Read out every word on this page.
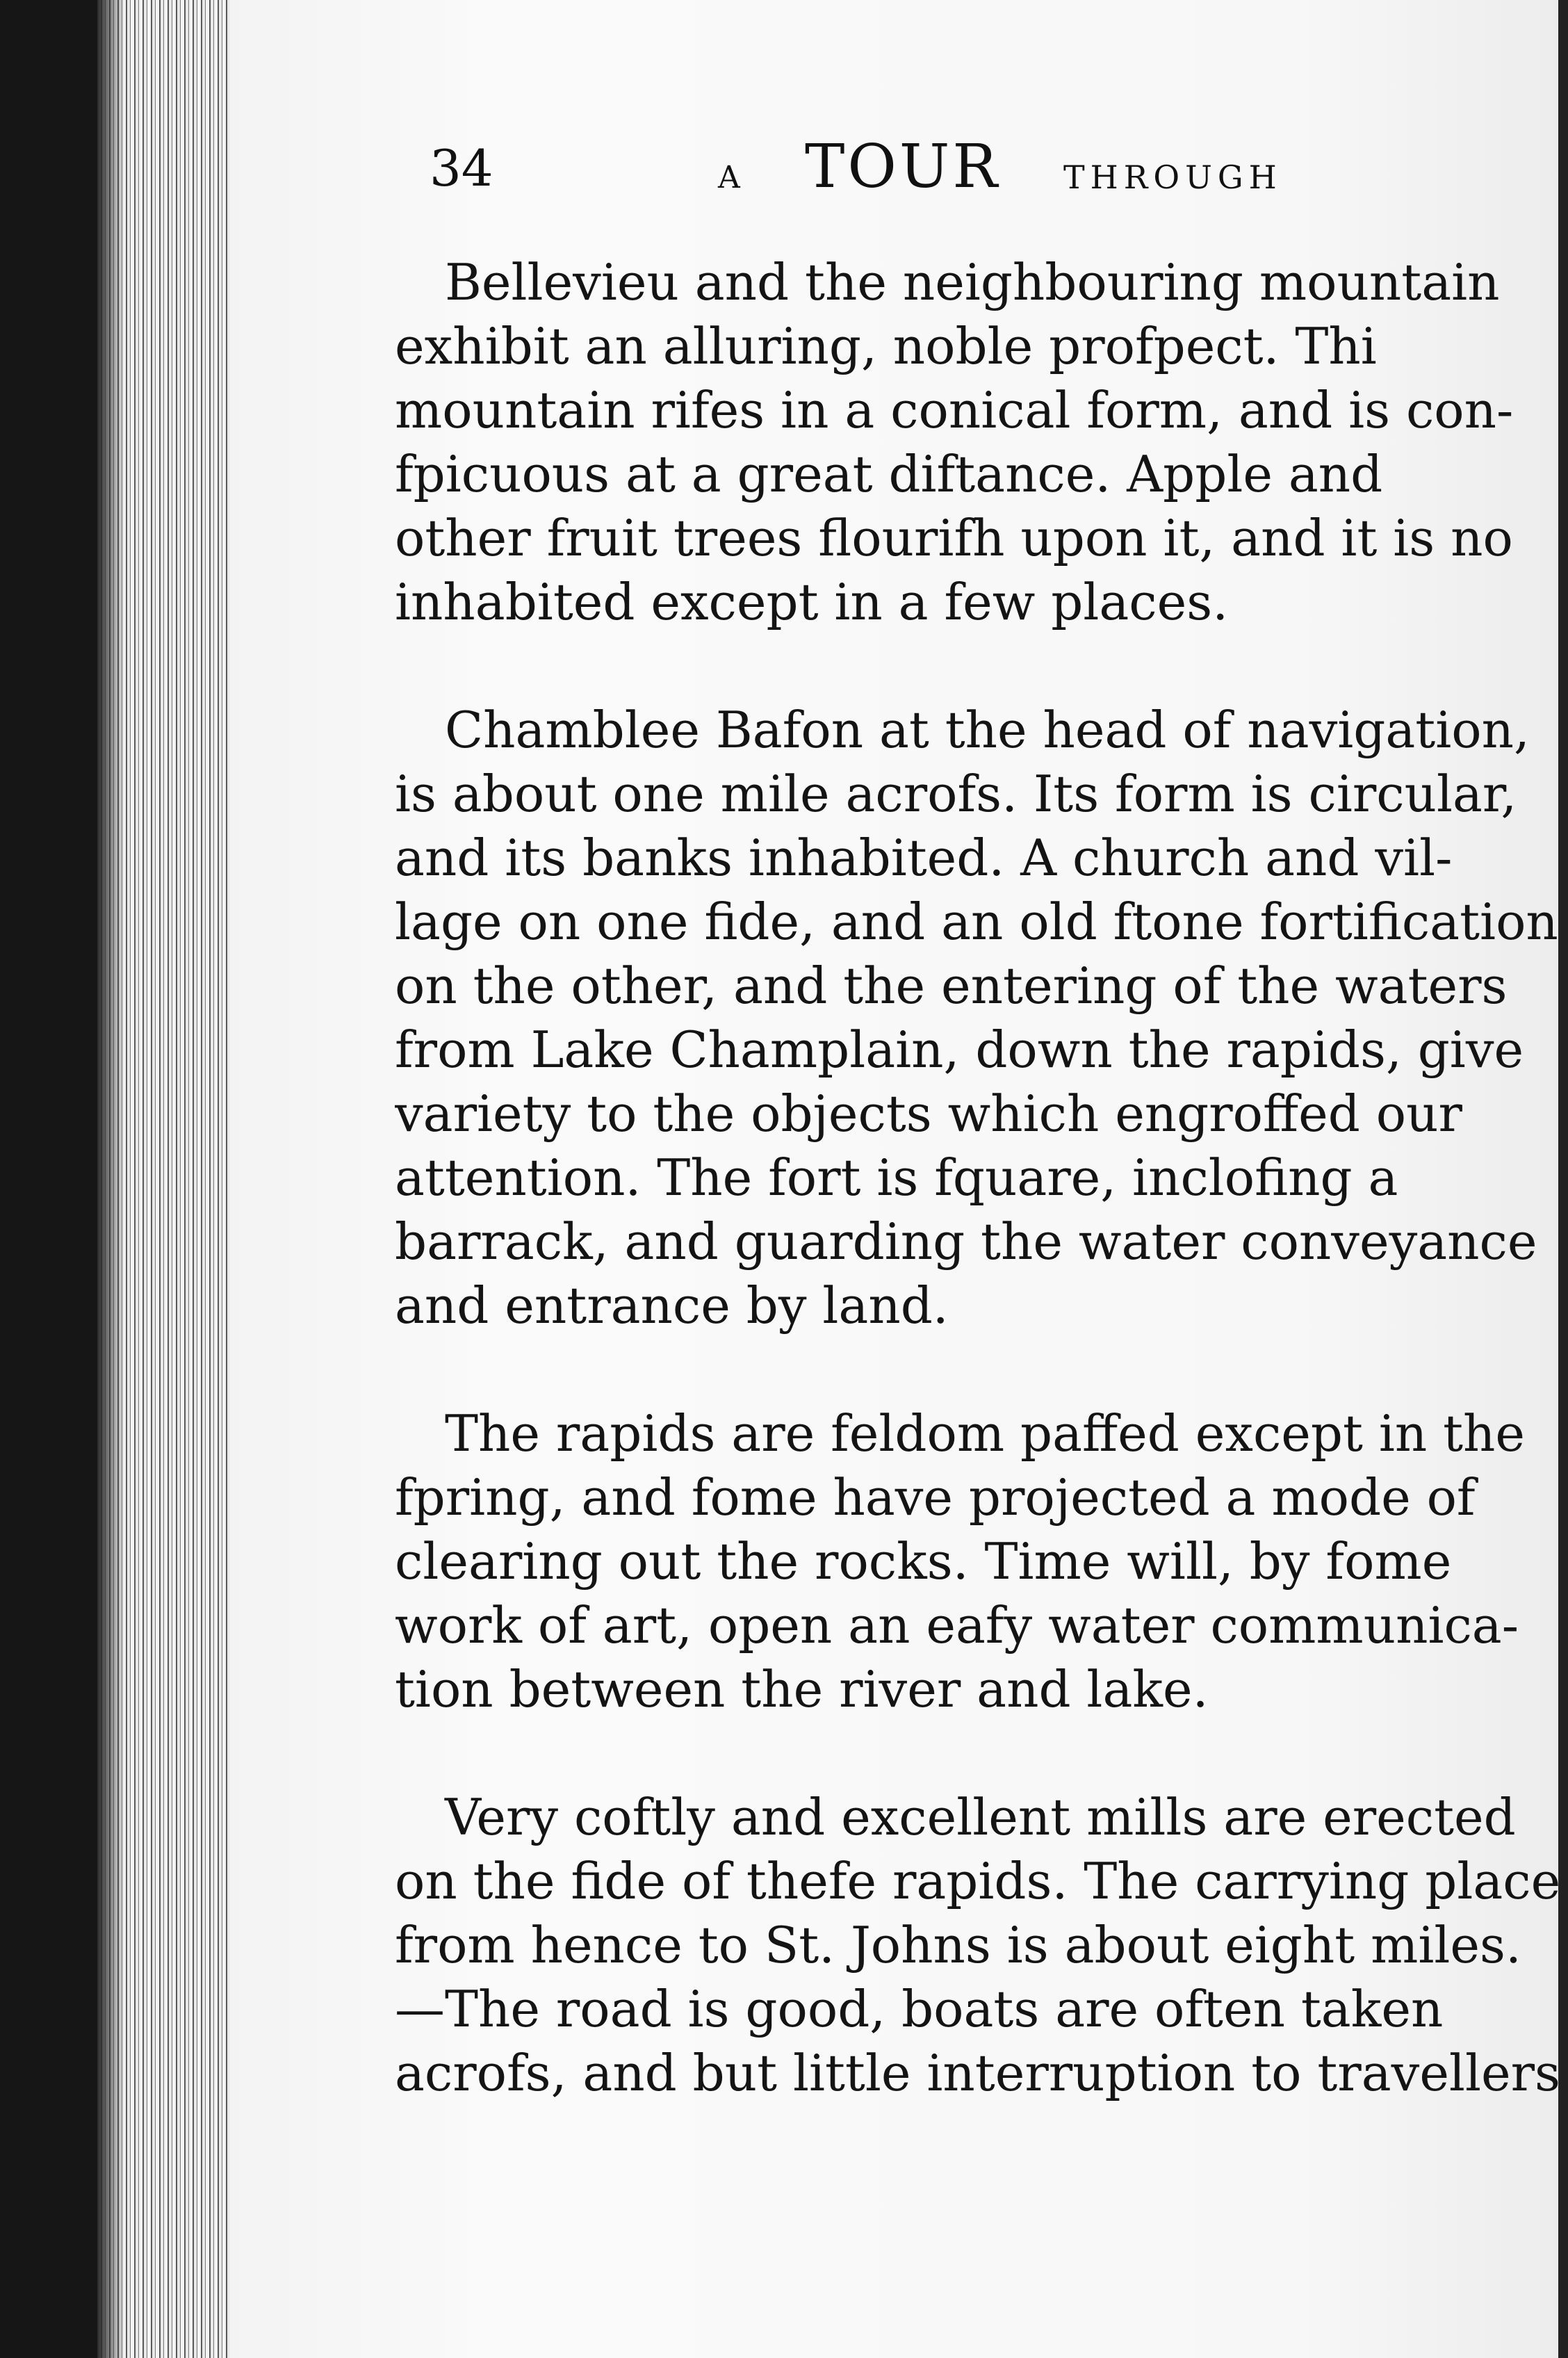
34	A TOUR THROUGH

 Bellevieu and the neighbouring mountain
exhibit an alluring, noble profpect. Thi
mountain rifes in a conical form, and is con-
fpicuous at a great diftance. Apple and
other fruit trees flourifh upon it, and it is no
inhabited except in a few places.

 Chamblee Bafon at the head of navigation,
is about one mile acrofs. Its form is circular,
and its banks inhabited. A church and vil-
lage on one fide, and an old ftone fortification
on the other, and the entering of the waters
from Lake Champlain, down the rapids, give
variety to the objects which engroffed our
attention. The fort is fquare, inclofing a
barrack, and guarding the water conveyance
and entrance by land.

 The rapids are feldom paffed except in the
fpring, and fome have projected a mode of
clearing out the rocks. Time will, by fome
work of art, open an eafy water communica-
tion between the river and lake.

 Very coftly and excellent mills are erected
on the fide of thefe rapids. The carrying place
from hence to St. Johns is about eight miles.
—The road is good, boats are often taken
acrofs, and but little interruption to travellers
